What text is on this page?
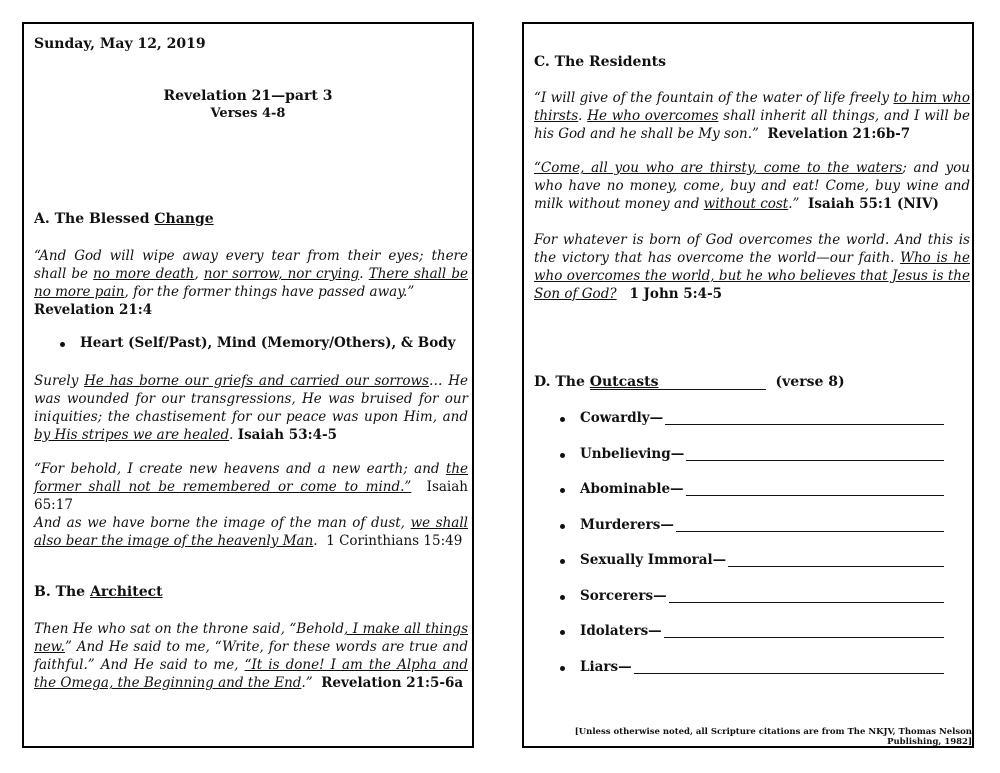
Sunday, May 12, 2019
Revelation 21—part 3
Verses 4-8
A. The Blessed Change
“And God will wipe away every tear from their eyes; there shall be no more death, nor sorrow, nor crying. There shall be no more pain, for the former things have passed away.”
Revelation 21:4
Heart (Self/Past), Mind (Memory/Others), & Body
Surely He has borne our griefs and carried our sorrows… He was wounded for our transgressions, He was bruised for our iniquities; the chastisement for our peace was upon Him, and by His stripes we are healed. Isaiah 53:4-5
“For behold, I create new heavens and a new earth; and the former shall not be remembered or come to mind.” Isaiah 65:17
And as we have borne the image of the man of dust, we shall also bear the image of the heavenly Man. 1 Corinthians 15:49
B. The Architect
Then He who sat on the throne said, “Behold, I make all things new.” And He said to me, “Write, for these words are true and faithful.” And He said to me, “It is done! I am the Alpha and the Omega, the Beginning and the End.” Revelation 21:5-6a
C. The Residents
“I will give of the fountain of the water of life freely to him who thirsts. He who overcomes shall inherit all things, and I will be his God and he shall be My son.” Revelation 21:6b-7
“Come, all you who are thirsty, come to the waters; and you who have no money, come, buy and eat! Come, buy wine and milk without money and without cost.” Isaiah 55:1 (NIV)
For whatever is born of God overcomes the world. And this is the victory that has overcome the world—our faith. Who is he who overcomes the world, but he who believes that Jesus is the Son of God? 1 John 5:4-5
D. The Outcasts	(verse 8)
Cowardly—
Unbelieving—
Abominable—
Murderers—
Sexually Immoral—
Sorcerers—
Idolaters—
Liars—
[Unless otherwise noted, all Scripture citations are from The NKJV, Thomas Nelson Publishing, 1982]
